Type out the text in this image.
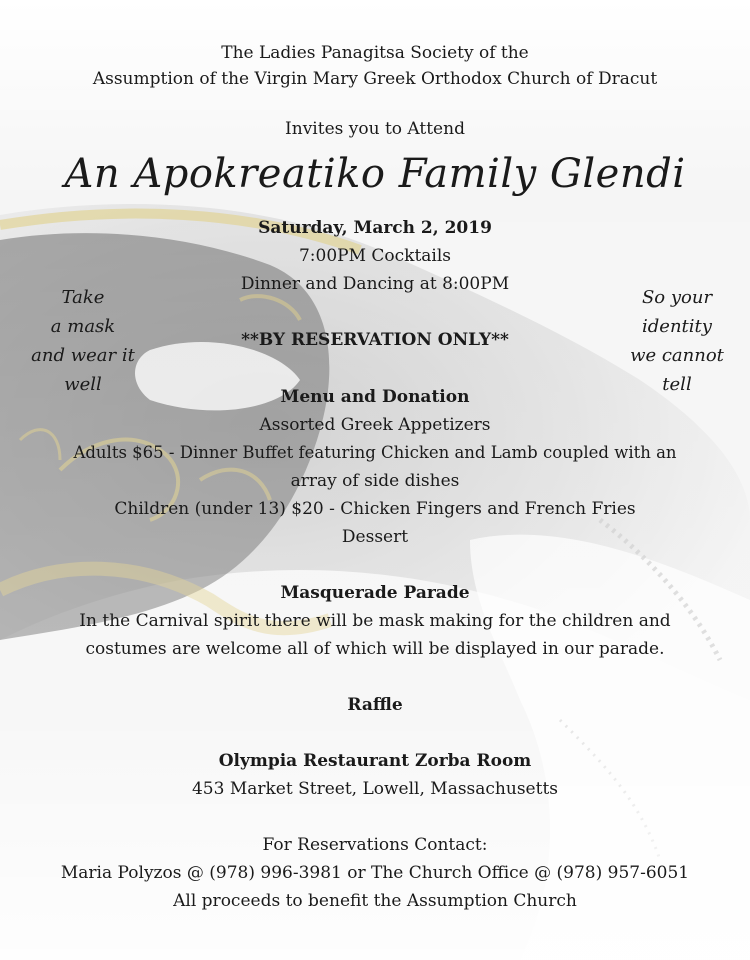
The Ladies Panagitsa Society of the
Assumption of the Virgin Mary Greek Orthodox Church of Dracut
Invites you to Attend
An Apokreatiko Family Glendi
Saturday, March 2, 2019
7:00PM Cocktails
Dinner and Dancing at 8:00PM
**BY RESERVATION ONLY**
Take
a mask
and wear it
well
So your
identity
we cannot
tell
Menu and Donation
Assorted Greek Appetizers
Adults $65 - Dinner Buffet featuring Chicken and Lamb coupled with an
array of side dishes
Children (under 13) $20 - Chicken Fingers and French Fries
Dessert
Masquerade Parade
In the Carnival spirit there will be mask making for the children and
costumes are welcome all of which will be displayed in our parade.
Raffle
Olympia Restaurant Zorba Room
453 Market Street, Lowell, Massachusetts
For Reservations Contact:
Maria Polyzos @ (978) 996-3981 or The Church Office @ (978) 957-6051
All proceeds to benefit the Assumption Church
